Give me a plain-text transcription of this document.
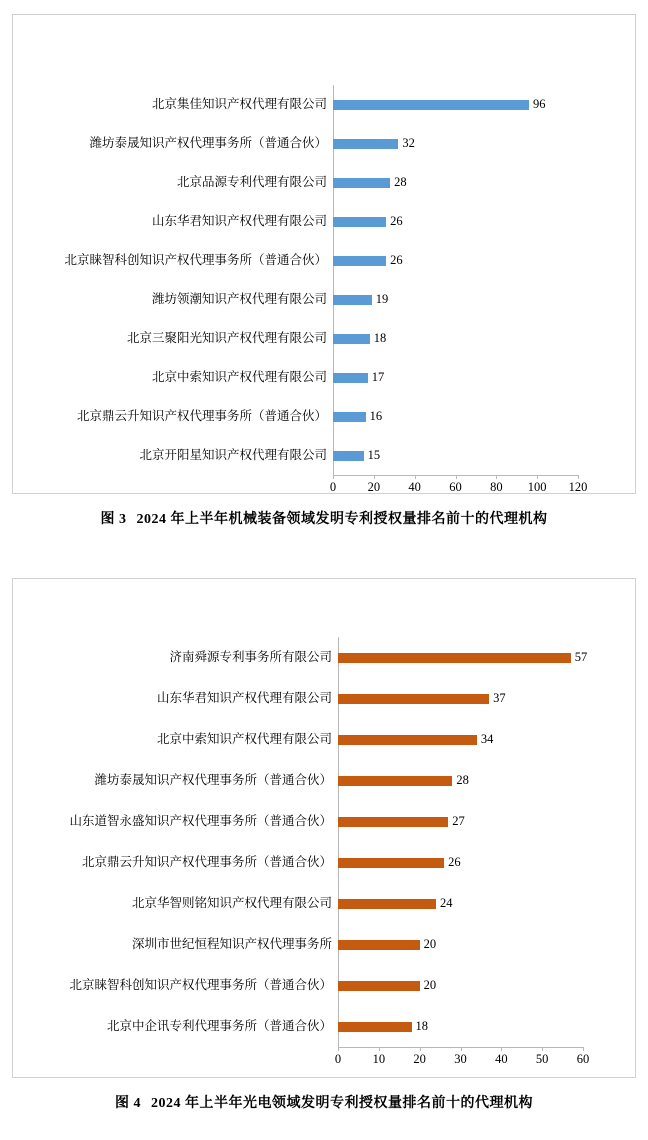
北京集佳知识产权代理有限公司	96
潍坊泰晟知识产权代理事务所（普通合伙）	32
北京品源专利代理有限公司	28
山东华君知识产权代理有限公司	26
北京睐智科创知识产权代理事务所（普通合伙）	26
潍坊领潮知识产权代理有限公司	19
北京三聚阳光知识产权代理有限公司	18
北京中索知识产权代理有限公司	17
北京鼎云升知识产权代理事务所（普通合伙）	16
北京开阳星知识产权代理有限公司	15
0	20 40 60 80 100 120
图 3 2024 年上半年机械装备领域发明专利授权量排名前十的代理机构
济南舜源专利事务所有限公司	57
山东华君知识产权代理有限公司	37
北京中索知识产权代理有限公司	34
潍坊泰晟知识产权代理事务所（普通合伙）	28
山东道智永盛知识产权代理事务所（普通合伙）	27
北京鼎云升知识产权代理事务所（普通合伙）	26
北京华智则铭知识产权代理有限公司	24
深圳市世纪恒程知识产权代理事务所	20
北京睐智科创知识产权代理事务所（普通合伙）	20
北京中企讯专利代理事务所（普通合伙）	18
0	10 20 30 40 50 60
图 4 2024 年上半年光电领域发明专利授权量排名前十的代理机构
